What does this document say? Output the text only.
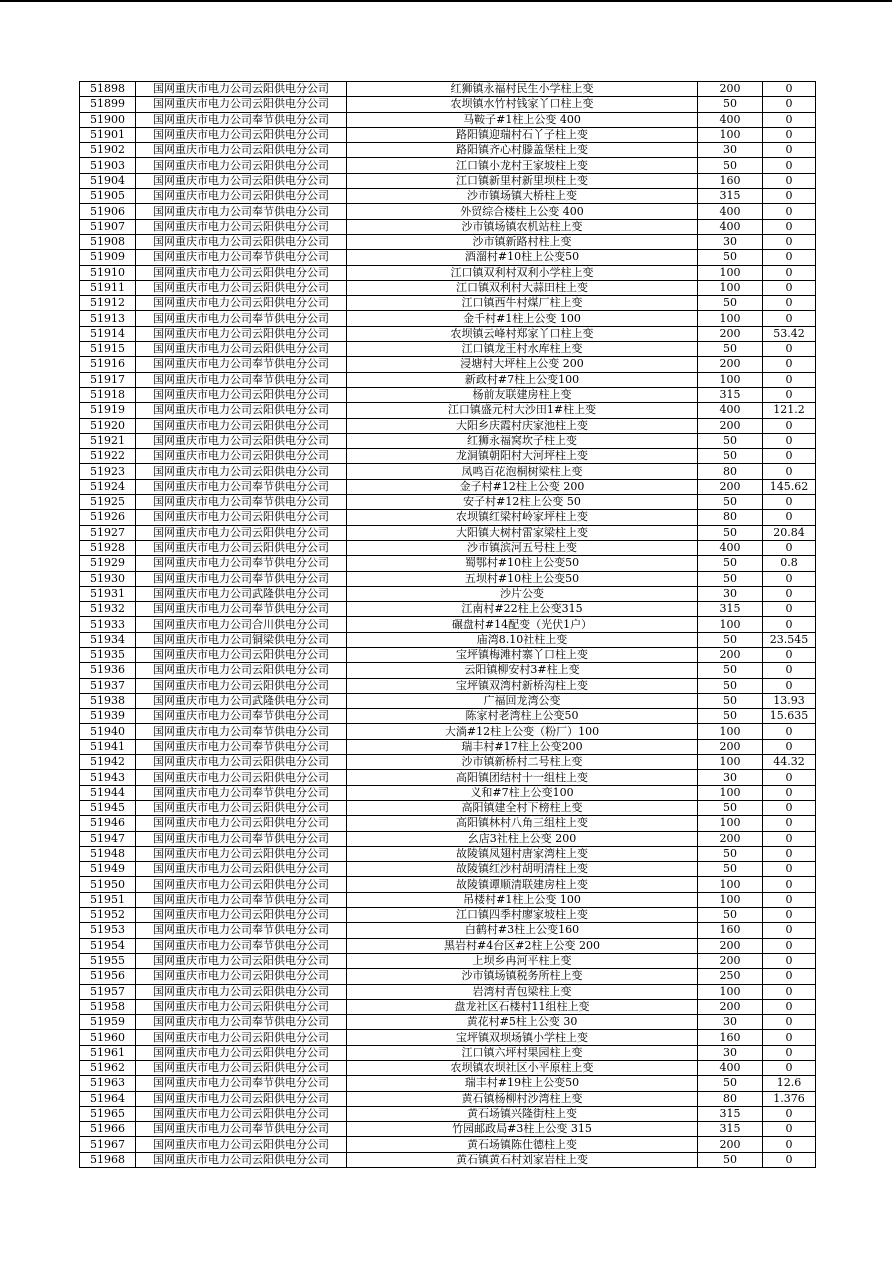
51898	国网重庆市电力公司云阳供电分公司	红狮镇永福村民生小学柱上变	200	0
51899	国网重庆市电力公司云阳供电分公司	农坝镇水竹村钱家丫口柱上变	50	0
51900	国网重庆市电力公司奉节供电分公司	马鞍子#1柱上公变 400	400	0
51901	国网重庆市电力公司云阳供电分公司	路阳镇迎瑞村石丫子柱上变	100	0
51902	国网重庆市电力公司云阳供电分公司	路阳镇齐心村滕盖堡柱上变	30	0
51903	国网重庆市电力公司云阳供电分公司	江口镇小龙村王家坡柱上变	50	0
51904	国网重庆市电力公司云阳供电分公司	江口镇新里村新里坝柱上变	160	0
51905	国网重庆市电力公司云阳供电分公司	沙市镇场镇大桥柱上变	315	0
51906	国网重庆市电力公司奉节供电分公司	外贸综合楼柱上公变 400	400	0
51907	国网重庆市电力公司云阳供电分公司	沙市镇场镇农机站柱上变	400	0
51908	国网重庆市电力公司云阳供电分公司	沙市镇新路村柱上变	30	0
51909	国网重庆市电力公司奉节供电分公司	酒溜村#10柱上公变50	50	0
51910	国网重庆市电力公司云阳供电分公司	江口镇双利村双利小学柱上变	100	0
51911	国网重庆市电力公司云阳供电分公司	江口镇双利村大蒜田柱上变	100	0
51912	国网重庆市电力公司云阳供电分公司	江口镇西牛村煤厂柱上变	50	0
51913	国网重庆市电力公司奉节供电分公司	金千村#1柱上公变 100	100	0
51914	国网重庆市电力公司云阳供电分公司	农坝镇云峰村郑家丫口柱上变	200	53.42
51915	国网重庆市电力公司云阳供电分公司	江口镇龙王村水库柱上变	50	0
51916	国网重庆市电力公司奉节供电分公司	浸塘村大坪柱上公变 200	200	0
51917	国网重庆市电力公司奉节供电分公司	新政村#7柱上公变100	100	0
51918	国网重庆市电力公司云阳供电分公司	杨前友联建房柱上变	315	0
51919	国网重庆市电力公司云阳供电分公司	江口镇盛元村大沙田1#柱上变	400	121.2
51920	国网重庆市电力公司云阳供电分公司	大阳乡庆霞村庆家池柱上变	200	0
51921	国网重庆市电力公司云阳供电分公司	红狮永福窝坎子柱上变	50	0
51922	国网重庆市电力公司云阳供电分公司	龙洞镇朝阳村大河坪柱上变	50	0
51923	国网重庆市电力公司云阳供电分公司	凤鸣百花泡桐树梁柱上变	80	0
51924	国网重庆市电力公司奉节供电分公司	金子村#12柱上公变 200	200	145.62
51925	国网重庆市电力公司奉节供电分公司	安子村#12柱上公变 50	50	0
51926	国网重庆市电力公司云阳供电分公司	农坝镇红梁村岭家坪柱上变	80	0
51927	国网重庆市电力公司云阳供电分公司	大阳镇大树村雷家梁柱上变	50	20.84
51928	国网重庆市电力公司云阳供电分公司	沙市镇滨河五号柱上变	400	0
51929	国网重庆市电力公司奉节供电分公司	蜀鄂村#10柱上公变50	50	0.8
51930	国网重庆市电力公司奉节供电分公司	五坝村#10柱上公变50	50	0
51931	国网重庆市电力公司武隆供电分公司	沙片公变	30	0
51932	国网重庆市电力公司奉节供电分公司	江南村#22柱上公变315	315	0
51933	国网重庆市电力公司合川供电分公司	碾盘村#14配变（光伏1户）	100	0
51934	国网重庆市电力公司铜梁供电分公司	庙湾8.10社柱上变	50	23.545
51935	国网重庆市电力公司云阳供电分公司	宝坪镇梅滩村寨丫口柱上变	200	0
51936	国网重庆市电力公司云阳供电分公司	云阳镇柳安村3#柱上变	50	0
51937	国网重庆市电力公司云阳供电分公司	宝坪镇双湾村新桥沟柱上变	50	0
51938	国网重庆市电力公司武隆供电分公司	广福回龙湾公变	50	13.93
51939	国网重庆市电力公司奉节供电分公司	陈家村老湾柱上公变50	50	15.635
51940	国网重庆市电力公司奉节供电分公司	大淌#12柱上公变（粉厂）100	100	0
51941	国网重庆市电力公司奉节供电分公司	瑞丰村#17柱上公变200	200	0
51942	国网重庆市电力公司云阳供电分公司	沙市镇新桥村二号柱上变	100	44.32
51943	国网重庆市电力公司云阳供电分公司	高阳镇团结村十一组柱上变	30	0
51944	国网重庆市电力公司奉节供电分公司	义和#7柱上公变100	100	0
51945	国网重庆市电力公司云阳供电分公司	高阳镇建全村下榜柱上变	50	0
51946	国网重庆市电力公司云阳供电分公司	高阳镇林村八角三组柱上变	100	0
51947	国网重庆市电力公司奉节供电分公司	幺店3社柱上公变 200	200	0
51948	国网重庆市电力公司云阳供电分公司	故陵镇凤翅村唐家湾柱上变	50	0
51949	国网重庆市电力公司云阳供电分公司	故陵镇红沙村胡明清柱上变	50	0
51950	国网重庆市电力公司云阳供电分公司	故陵镇谭顺清联建房柱上变	100	0
51951	国网重庆市电力公司奉节供电分公司	吊楼村#1柱上公变 100	100	0
51952	国网重庆市电力公司云阳供电分公司	江口镇四季村廖家坡柱上变	50	0
51953	国网重庆市电力公司奉节供电分公司	白鹤村#3柱上公变160	160	0
51954	国网重庆市电力公司奉节供电分公司	黑岩村#4台区#2柱上公变 200	200	0
51955	国网重庆市电力公司云阳供电分公司	上坝乡冉河平柱上变	200	0
51956	国网重庆市电力公司云阳供电分公司	沙市镇场镇税务所柱上变	250	0
51957	国网重庆市电力公司云阳供电分公司	岩湾村青包梁柱上变	100	0
51958	国网重庆市电力公司云阳供电分公司	盘龙社区石楼村11组柱上变	200	0
51959	国网重庆市电力公司奉节供电分公司	黄花村#5柱上公变 30	30	0
51960	国网重庆市电力公司云阳供电分公司	宝坪镇双坝场镇小学柱上变	160	0
51961	国网重庆市电力公司云阳供电分公司	江口镇六坪村果园柱上变	30	0
51962	国网重庆市电力公司云阳供电分公司	农坝镇农坝社区小平原柱上变	400	0
51963	国网重庆市电力公司奉节供电分公司	瑞丰村#19柱上公变50	50	12.6
51964	国网重庆市电力公司云阳供电分公司	黄石镇杨柳村沙湾柱上变	80	1.376
51965	国网重庆市电力公司云阳供电分公司	黄石场镇兴隆街柱上变	315	0
51966	国网重庆市电力公司奉节供电分公司	竹园邮政局#3柱上公变 315	315	0
51967	国网重庆市电力公司云阳供电分公司	黄石场镇陈仕德柱上变	200	0
51968	国网重庆市电力公司云阳供电分公司	黄石镇黄石村刘家岩柱上变	50	0
